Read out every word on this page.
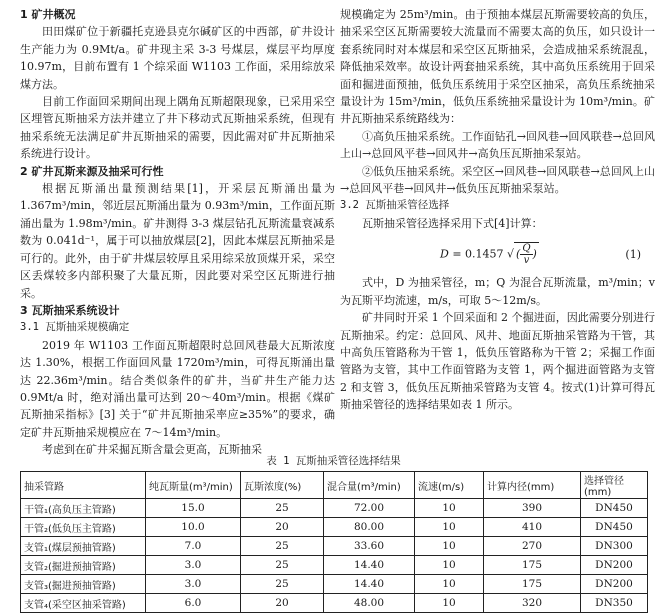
1 矿井概况

田田煤矿位于新疆托克逊县克尔碱矿区的中西部，矿井设计生产能力为 0.9Mt/a。矿井现主采 3-3 号煤层，煤层平均厚度 10.97m，目前布置有 1 个综采面 W1103 工作面，采用综放采煤方法。

目前工作面回采期间出现上隅角瓦斯超限现象，已采用采空区埋管瓦斯抽采方法并建立了井下移动式瓦斯抽采系统，但现有抽采系统无法满足矿井瓦斯抽采的需要，因此需对矿井瓦斯抽采系统进行设计。

2 矿井瓦斯来源及抽采可行性

根据瓦斯涌出量预测结果[1]，开采层瓦斯涌出量为 1.367m³/min，邻近层瓦斯涌出量为 0.93m³/min，工作面瓦斯涌出量为 1.98m³/min。矿井测得 3-3 煤层钻孔瓦斯流量衰减系数为 0.041d⁻¹，属于可以抽放煤层[2]，因此本煤层瓦斯抽采是可行的。此外，由于矿井煤层较厚且采用综采放顶煤开采，采空区丢煤较多内部积聚了大量瓦斯，因此要对采空区瓦斯进行抽采。

3 瓦斯抽采系统设计

3.1 瓦斯抽采规模确定

2019 年 W1103 工作面瓦斯超限时总回风巷最大瓦斯浓度达 1.30%，根据工作面回风量 1720m³/min，可得瓦斯涌出量达 22.36m³/min。结合类似条件的矿井，当矿井生产能力达 0.9Mt/a 时，绝对涌出量可达到 20～40m³/min。根据《煤矿瓦斯抽采指标》[3] 关于“矿井瓦斯抽采率应≥35%”的要求，确定矿井瓦斯抽采规模应在 7～14m³/min。

考虑到在矿井采掘瓦斯含量会更高，瓦斯抽采

规模确定为 25m³/min。由于预抽本煤层瓦斯需要较高的负压，抽采采空区瓦斯需要较大流量而不需要太高的负压，如只设计一套系统同时对本煤层和采空区瓦斯抽采，会造成抽采系统混乱，降低抽采效率。故设计两套抽采系统，其中高负压系统用于回采面和掘进面预抽，低负压系统用于采空区抽采，高负压系统抽采量设计为 15m³/min，低负压系统抽采量设计为 10m³/min。矿井瓦斯抽采系统路线为：

①高负压抽采系统。工作面钻孔→回风巷→回风联巷→总回风上山→总回风平巷→回风井→高负压瓦斯抽采泵站。

②低负压抽采系统。采空区→回风巷→回风联巷→总回风上山→总回风平巷→回风井→低负压瓦斯抽采泵站。

3.2 瓦斯抽采管径选择

瓦斯抽采管径选择采用下式[4]计算：

D = 0.1457 √ ( $\frac{Q}{v}$)	(1)

式中，D 为抽采管径，m；Q 为混合瓦斯流量，m³/min；v 为瓦斯平均流速，m/s，可取 5～12m/s。

矿井同时开采 1 个回采面和 2 个掘进面，因此需要分别进行瓦斯抽采。约定：总回风、风井、地面瓦斯抽采管路为干管，其中高负压管路称为干管 1，低负压管路称为干管 2；采掘工作面管路为支管，其中工作面管路为支管 1，两个掘进面管路为支管 2 和支管 3，低负压瓦斯抽采管路为支管 4。按式(1)计算可得瓦斯抽采管径的选择结果如表 1 所示。

表 1 瓦斯抽采管径选择结果
抽采管路	纯瓦斯量(m³/min)	瓦斯浓度(%)	混合量(m³/min)	流速(m/s)	计算内径(mm)	选择管径(mm)
干管₁(高负压主管路)	15.0	25	72.00	10	390	DN450
干管₂(低负压主管路)	10.0	20	80.00	10	410	DN450
支管₁(煤层预抽管路)	7.0	25	33.60	10	270	DN300
支管₂(掘进预抽管路)	3.0	25	14.40	10	175	DN200
支管₃(掘进预抽管路)	3.0	25	14.40	10	175	DN200
支管₄(采空区抽采管路)	6.0	20	48.00	10	320	DN350
